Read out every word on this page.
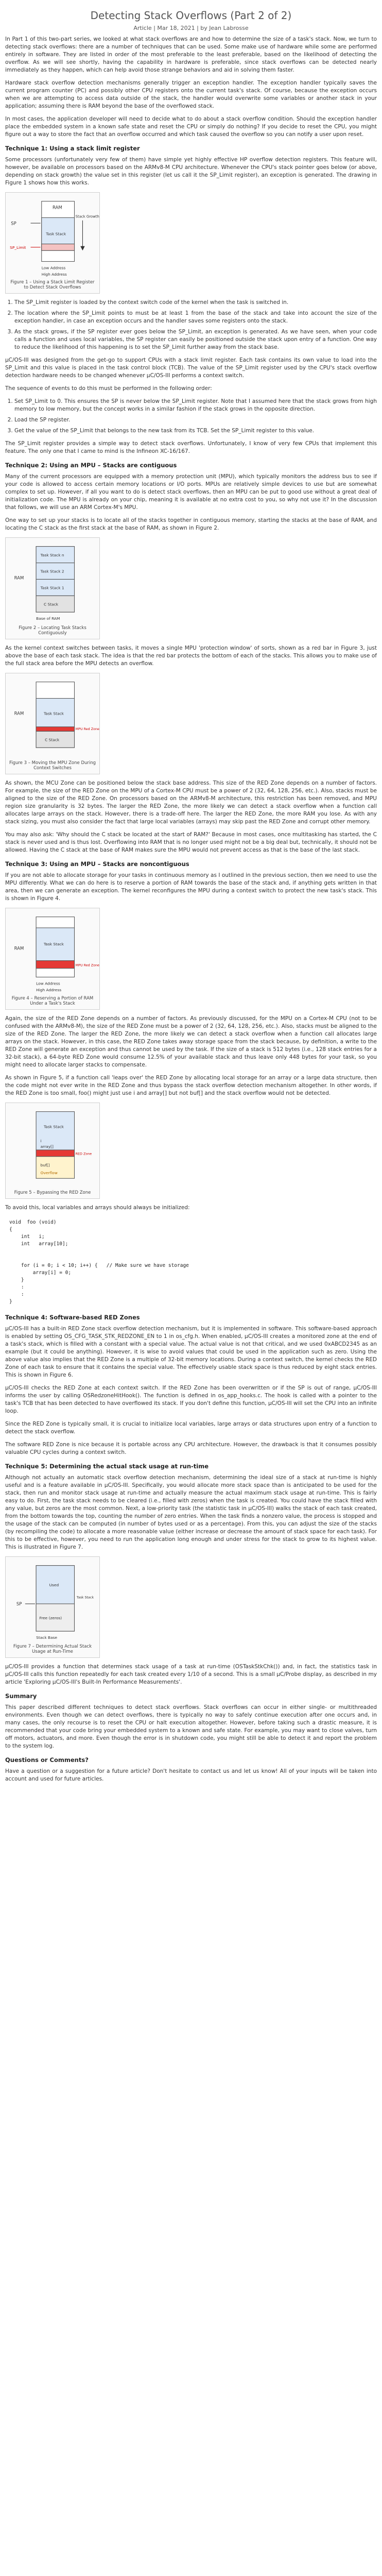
Detecting Stack Overflows (Part 2 of 2)
Article | Mar 18, 2021 | by Jean Labrosse

In Part 1 of this two-part series, we looked at what stack overflows are and how to determine the size of a task's stack. Now, we turn to detecting stack overflows: there are a number of techniques that can be used. Some make use of hardware while some are performed entirely in software. They are listed in order of the most preferable to the least preferable, based on the likelihood of detecting the overflow. As we will see shortly, having the capability in hardware is preferable, since stack overflows can be detected nearly immediately as they happen, which can help avoid those strange behaviors and aid in solving them faster.

Hardware stack overflow detection mechanisms generally trigger an exception handler. The exception handler typically saves the current program counter (PC) and possibly other CPU registers onto the current task's stack. Of course, because the exception occurs when we are attempting to access data outside of the stack, the handler would overwrite some variables or another stack in your application; assuming there is RAM beyond the base of the overflowed stack.

In most cases, the application developer will need to decide what to do about a stack overflow condition. Should the exception handler place the embedded system in a known safe state and reset the CPU or simply do nothing? If you decide to reset the CPU, you might figure out a way to store the fact that an overflow occurred and which task caused the overflow so you can notify a user upon reset.

Technique 1: Using a stack limit register

Some processors (unfortunately very few of them) have simple yet highly effective HP overflow detection registers. This feature will, however, be available on processors based on the ARMv8-M CPU architecture. Whenever the CPU's stack pointer goes below (or above, depending on stack growth) the value set in this register (let us call it the SP_Limit register), an exception is generated. The drawing in Figure 1 shows how this works.

SP
SP_Limit
Task Stack
RAM
Low Address
High Address
Stack Growth
Figure 1 – Using a Stack Limit Register to Detect Stack Overflows
1. The SP_Limit register is loaded by the context switch code of the kernel when the task is switched in.
2. The location where the SP_Limit points to must be at least 1 from the base of the stack and take into account the size of the exception handler, in case an exception occurs and the handler saves some registers onto the stack.
3. As the stack grows, if the SP register ever goes below the SP_Limit, an exception is generated. As we have seen, when your code calls a function and uses local variables, the SP register can easily be positioned outside the stack upon entry of a function. One way to reduce the likelihood of this happening is to set the SP_Limit further away from the stack base.

µC/OS-III was designed from the get-go to support CPUs with a stack limit register. Each task contains its own value to load into the SP_Limit and this value is placed in the task control block (TCB). The value of the SP_Limit register used by the CPU's stack overflow detection hardware needs to be changed whenever µC/OS-III performs a context switch.

The sequence of events to do this must be performed in the following order:

1. Set SP_Limit to 0. This ensures the SP is never below the SP_Limit register. Note that I assumed here that the stack grows from high memory to low memory, but the concept works in a similar fashion if the stack grows in the opposite direction.
2. Load the SP register.
3. Get the value of the SP_Limit that belongs to the new task from its TCB. Set the SP_Limit register to this value.

The SP_Limit register provides a simple way to detect stack overflows. Unfortunately, I know of very few CPUs that implement this feature. The only one that I came to mind is the Infineon XC-16/167.

Technique 2: Using an MPU – Stacks are contiguous

Many of the current processors are equipped with a memory protection unit (MPU), which typically monitors the address bus to see if your code is allowed to access certain memory locations or I/O ports. MPUs are relatively simple devices to use but are somewhat complex to set up. However, if all you want to do is detect stack overflows, then an MPU can be put to good use without a great deal of initialization code. The MPU is already on your chip, meaning it is available at no extra cost to you, so why not use it? In the discussion that follows, we will use an ARM Cortex-M's MPU.

One way to set up your stacks is to locate all of the stacks together in contiguous memory, starting the stacks at the base of RAM, and locating the C stack as the first stack at the base of RAM, as shown in Figure 2.

C Stack
Task Stack 1
Task Stack 2
Task Stack n
RAM
Base of RAM
Figure 2 – Locating Task Stacks Contiguously

As the kernel context switches between tasks, it moves a single MPU 'protection window' of sorts, shown as a red bar in Figure 3, just above the base of each task stack. The idea is that the red bar protects the bottom of each of the stacks. This allows you to make use of the full stack area before the MPU detects an overflow.

C Stack
Task Stack
MPU Red Zone
RAM
Figure 3 – Moving the MPU Zone During Context Switches

As shown, the MCU Zone can be positioned below the stack base address. This size of the RED Zone depends on a number of factors. For example, the size of the RED Zone on the MPU of a Cortex-M CPU must be a power of 2 (32, 64, 128, 256, etc.). Also, stacks must be aligned to the size of the RED Zone. On processors based on the ARMv8-M architecture, this restriction has been removed, and MPU region size granularity is 32 bytes. The larger the RED Zone, the more likely we can detect a stack overflow when a function call allocates large arrays on the stack. However, there is a trade-off here. The larger the RED Zone, the more RAM you lose. As with any stack sizing, you must also consider the fact that large local variables (arrays) may skip past the RED Zone and corrupt other memory.

You may also ask: 'Why should the C stack be located at the start of RAM?' Because in most cases, once multitasking has started, the C stack is never used and is thus lost. Overflowing into RAM that is no longer used might not be a big deal but, technically, it should not be allowed. Having the C stack at the base of RAM makes sure the MPU would not prevent access as that is the base of the last stack.

Technique 3: Using an MPU – Stacks are noncontiguous

If you are not able to allocate storage for your tasks in continuous memory as I outlined in the previous section, then we need to use the MPU differently. What we can do here is to reserve a portion of RAM towards the base of the stack and, if anything gets written in that area, then we can generate an exception. The kernel reconfigures the MPU during a context switch to protect the new task's stack. This is shown in Figure 4.

Task Stack
MPU Red Zone
RAM
Low Address
High Address
Figure 4 – Reserving a Portion of RAM Under a Task's Stack

Again, the size of the RED Zone depends on a number of factors. As previously discussed, for the MPU on a Cortex-M CPU (not to be confused with the ARMv8-M), the size of the RED Zone must be a power of 2 (32, 64, 128, 256, etc.). Also, stacks must be aligned to the size of the RED Zone. The larger the RED Zone, the more likely we can detect a stack overflow when a function call allocates large arrays on the stack. However, in this case, the RED Zone takes away storage space from the stack because, by definition, a write to the RED Zone will generate an exception and thus cannot be used by the task. If the size of a stack is 512 bytes (i.e., 128 stack entries for a 32-bit stack), a 64-byte RED Zone would consume 12.5% of your available stack and thus leave only 448 bytes for your task, so you might need to allocate larger stacks to compensate.

As shown in Figure 5, if a function call 'leaps over' the RED Zone by allocating local storage for an array or a large data structure, then the code might not ever write in the RED Zone and thus bypass the stack overflow detection mechanism altogether. In other words, if the RED Zone is too small, foo() might just use i and array[] but not buf[] and the stack overflow would not be detected.

Task Stack
RED Zone
i
array[]
buf[]
Overflow
Figure 5 – Bypassing the RED Zone

To avoid this, local variables and arrays should always be initialized:

void  foo (void)
{
int   i;
int   array[10];

for (i = 0; i < 10; i++) {   // Make sure we have storage
array[i] = 0;
}
:
:
}
Technique 4: Software-based RED Zones

µC/OS-III has a built-in RED Zone stack overflow detection mechanism, but it is implemented in software. This software-based approach is enabled by setting OS_CFG_TASK_STK_REDZONE_EN to 1 in os_cfg.h. When enabled, µC/OS-III creates a monitored zone at the end of a task's stack, which is filled with a constant with a special value. The actual value is not that critical, and we used 0xABCD2345 as an example (but it could be anything). However, it is wise to avoid values that could be used in the application such as zero. Using the above value also implies that the RED Zone is a multiple of 32-bit memory locations. During a context switch, the kernel checks the RED Zone of each task to ensure that it contains the special value. The effectively usable stack space is thus reduced by eight stack entries. This is shown in Figure 6.

µC/OS-III checks the RED Zone at each context switch. If the RED Zone has been overwritten or if the SP is out of range, µC/OS-III informs the user by calling OSRedzoneHitHook(). The function is defined in os_app_hooks.c. The hook is called with a pointer to the task's TCB that has been detected to have overflowed its stack. If you don't define this function, µC/OS-III will set the CPU into an infinite loop.

Since the RED Zone is typically small, it is crucial to initialize local variables, large arrays or data structures upon entry of a function to detect the stack overflow.

The software RED Zone is nice because it is portable across any CPU architecture. However, the drawback is that it consumes possibly valuable CPU cycles during a context switch.

Technique 5: Determining the actual stack usage at run-time

Although not actually an automatic stack overflow detection mechanism, determining the ideal size of a stack at run-time is highly useful and is a feature available in µC/OS-III. Specifically, you would allocate more stack space than is anticipated to be used for the stack, then run and monitor stack usage at run-time and actually measure the actual maximum stack usage at run-time. This is fairly easy to do. First, the task stack needs to be cleared (i.e., filled with zeros) when the task is created. You could have the stack filled with any value, but zeros are the most common. Next, a low-priority task (the statistic task in µC/OS-III) walks the stack of each task created, from the bottom towards the top, counting the number of zero entries. When the task finds a nonzero value, the process is stopped and the usage of the stack can be computed (in number of bytes used or as a percentage). From this, you can adjust the size of the stacks (by recompiling the code) to allocate a more reasonable value (either increase or decrease the amount of stack space for each task). For this to be effective, however, you need to run the application long enough and under stress for the stack to grow to its highest value. This is illustrated in Figure 7.

Used
Free (zeros)
Stack Base
SP
Task Stack
Figure 7 – Determining Actual Stack Usage at Run-Time

µC/OS-III provides a function that determines stack usage of a task at run-time (OSTaskStkChk()) and, in fact, the statistics task in µC/OS-III calls this function repeatedly for each task created every 1/10 of a second. This is a small µC/Probe display, as described in my article 'Exploring µC/OS-III's Built-In Performance Measurements'.

Summary

This paper described different techniques to detect stack overflows. Stack overflows can occur in either single- or multithreaded environments. Even though we can detect overflows, there is typically no way to safely continue execution after one occurs and, in many cases, the only recourse is to reset the CPU or halt execution altogether. However, before taking such a drastic measure, it is recommended that your code bring your embedded system to a known and safe state. For example, you may want to close valves, turn off motors, actuators, and more. Even though the error is in shutdown code, you might still be able to detect it and report the problem to the system log.

Questions or Comments?

Have a question or a suggestion for a future article? Don't hesitate to contact us and let us know! All of your inputs will be taken into account and used for future articles.
